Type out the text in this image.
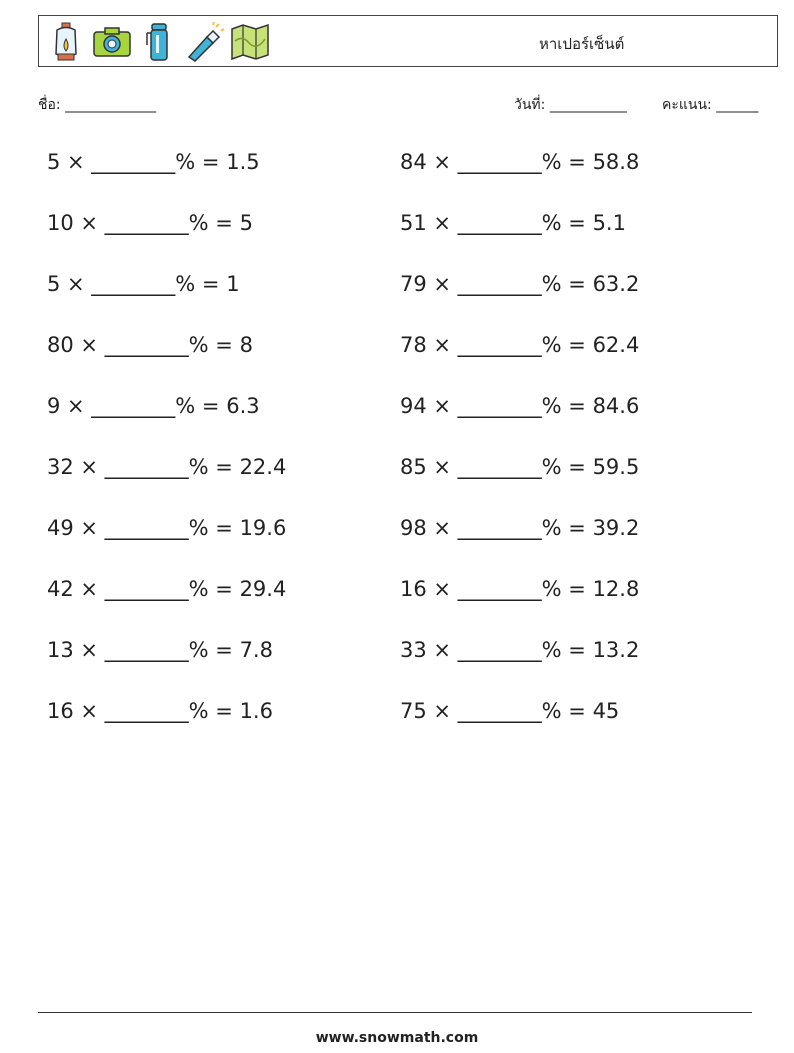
หาเปอร์เซ็นต์
ชื่อ: _____________	วันที่: ___________	คะแนน: ______
5 × ________% = 1.5	84 × ________% = 58.8
10 × ________% = 5	51 × ________% = 5.1
5 × ________% = 1	79 × ________% = 63.2
80 × ________% = 8	78 × ________% = 62.4
9 × ________% = 6.3	94 × ________% = 84.6
32 × ________% = 22.4	85 × ________% = 59.5
49 × ________% = 19.6	98 × ________% = 39.2
42 × ________% = 29.4	16 × ________% = 12.8
13 × ________% = 7.8	33 × ________% = 13.2
16 × ________% = 1.6	75 × ________% = 45
www.snowmath.com
